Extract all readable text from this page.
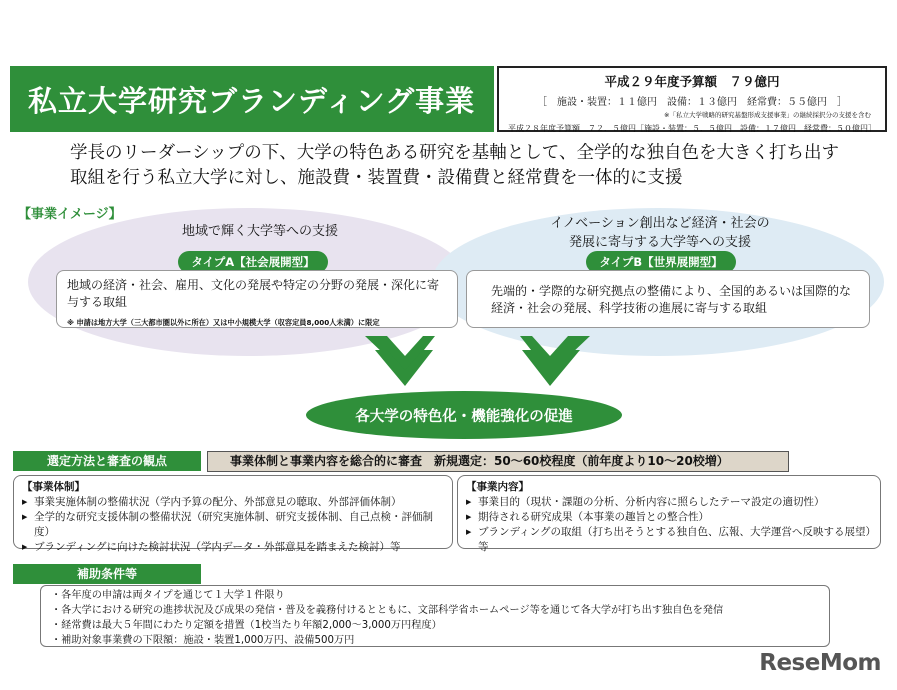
私立大学研究ブランディング事業
平成２９年度予算額　７９億円
［　施設・装置：１１億円　設備：１３億円　経常費：５５億円　］
※「私立大学戦略的研究基盤形成支援事業」の継続採択分の支援を含む
平成２８年度予算額　７２．５億円［施設・装置：５．５億円　設備：１７億円　経常費：５０億円］
学長のリーダーシップの下、大学の特色ある研究を基軸として、全学的な独自色を大きく打ち出す
取組を行う私立大学に対し、施設費・装置費・設備費と経常費を一体的に支援
【事業イメージ】
地域で輝く大学等への支援
タイプA【社会展開型】
地域の経済・社会、雇用、文化の発展や特定の分野の発展・深化に寄与する取組
※ 申請は地方大学（三大都市圏以外に所在）又は中小規模大学（収容定員8,000人未満）に限定
イノベーション創出など経済・社会の
発展に寄与する大学等への支援
タイプB【世界展開型】
先端的・学際的な研究拠点の整備により、全国的あるいは国際的な経済・社会の発展、科学技術の進展に寄与する取組
各大学の特色化・機能強化の促進
選定方法と審査の観点	事業体制と事業内容を総合的に審査　新規選定：50～60校程度（前年度より10～20校増）
【事業体制】
▶ 事業実施体制の整備状況（学内予算の配分、外部意見の聴取、外部評価体制）
▶ 全学的な研究支援体制の整備状況（研究実施体制、研究支援体制、自己点検・評価制度）
▶ ブランディングに向けた検討状況（学内データ・外部意見を踏まえた検討）等
【事業内容】
▶ 事業目的（現状・課題の分析、分析内容に照らしたテーマ設定の適切性）
▶ 期待される研究成果（本事業の趣旨との整合性）
▶ ブランディングの取組（打ち出そうとする独自色、広報、大学運営へ反映する展望）　等
補助条件等
・各年度の申請は両タイプを通じて１大学１件限り
・各大学における研究の進捗状況及び成果の発信・普及を義務付けるとともに、文部科学省ホームページ等を通じて各大学が打ち出す独自色を発信
・経常費は最大５年間にわたり定額を措置（1校当たり年額2,000～3,000万円程度）
・補助対象事業費の下限額：施設・装置1,000万円、設備500万円
ReseMom
